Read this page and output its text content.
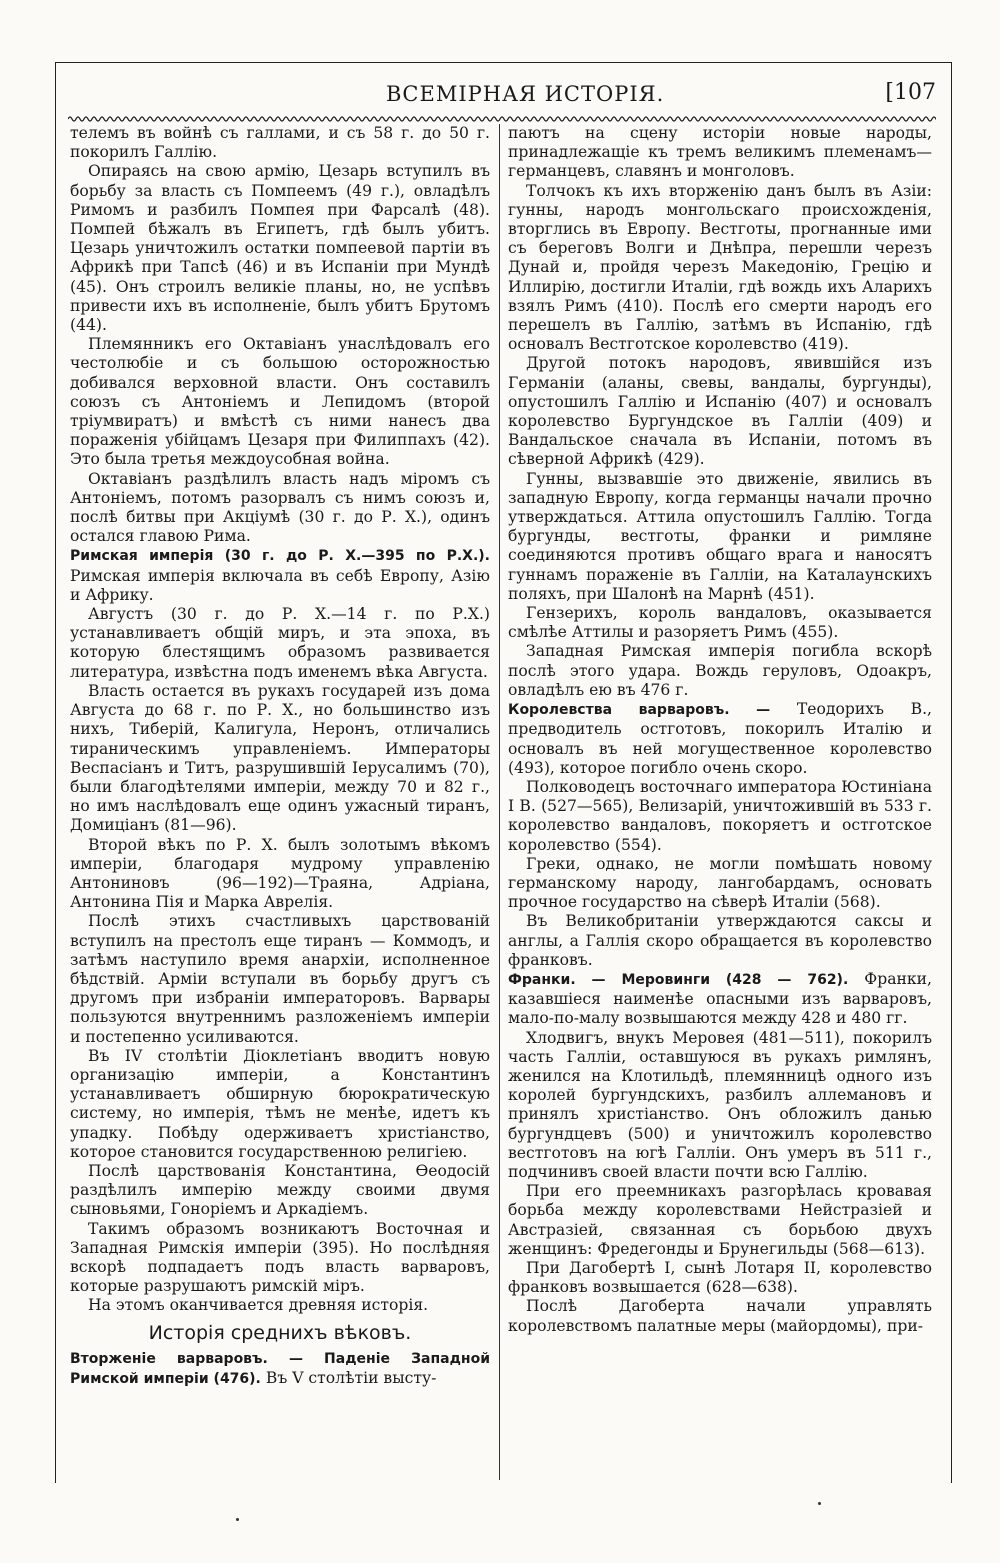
ВСЕМІРНАЯ ИСТОРІЯ.	[107

телемъ въ войнѣ съ галлами, и съ 58 г. до 50 г. покорилъ Галлію.

Опираясь на свою армію, Цезарь вступилъ въ борьбу за власть съ Помпеемъ (49 г.), овладѣлъ Римомъ и разбилъ Помпея при Фарсалѣ (48). Помпей бѣжалъ въ Египетъ, гдѣ былъ убитъ. Цезарь уничтожилъ остатки помпеевой партіи въ Африкѣ при Тапсѣ (46) и въ Испаніи при Мундѣ (45). Онъ строилъ великіе планы, но, не успѣвъ привести ихъ въ исполненіе, былъ убитъ Брутомъ (44).

Племянникъ его Октавіанъ унаслѣдовалъ его честолюбіе и съ большою осторожностью добивался верховной власти. Онъ составилъ союзъ съ Антоніемъ и Лепидомъ (второй тріумвиратъ) и вмѣстѣ съ ними нанесъ два пораженія убійцамъ Цезаря при Филиппахъ (42). Это была третья междоусобная война.

Октавіанъ раздѣлилъ власть надъ міромъ съ Антоніемъ, потомъ разорвалъ съ нимъ союзъ и, послѣ битвы при Акціумѣ (30 г. до Р. Х.), одинъ остался главою Рима.

Римская имперія (30 г. до Р. Х.—395 по Р.Х.). Римская имперія включала въ себѣ Европу, Азію и Африку.

Августъ (30 г. до Р. Х.—14 г. по Р.Х.) устанавливаетъ общій миръ, и эта эпоха, въ которую блестящимъ образомъ развивается литература, извѣстна подъ именемъ вѣка Августа.

Власть остается въ рукахъ государей изъ дома Августа до 68 г. по Р. Х., но большинство изъ нихъ, Тиберій, Калигула, Неронъ, отличались тираническимъ управленіемъ. Императоры Веспасіанъ и Титъ, разрушившій Іерусалимъ (70), были благодѣтелями имперіи, между 70 и 82 г., но имъ наслѣдовалъ еще одинъ ужасный тиранъ, Домиціанъ (81—96).

Второй вѣкъ по Р. Х. былъ золотымъ вѣкомъ имперіи, благодаря мудрому управленію Антониновъ (96—192)—Траяна, Адріана, Антонина Пія и Марка Аврелія.

Послѣ этихъ счастливыхъ царствованій вступилъ на престолъ еще тиранъ — Коммодъ, и затѣмъ наступило время анархіи, исполненное бѣдствій. Арміи вступали въ борьбу другъ съ другомъ при избраніи императоровъ. Варвары пользуются внутреннимъ разложеніемъ имперіи и постепенно усиливаются.

Въ IV столѣтіи Діоклетіанъ вводитъ новую организацію имперіи, а Константинъ устанавливаетъ обширную бюрократическую систему, но имперія, тѣмъ не менѣе, идетъ къ упадку. Побѣду одерживаетъ христіанство, которое становится государственною религіею.

Послѣ царствованія Константина, Ѳеодосій раздѣлилъ имперію между своими двумя сыновьями, Гоноріемъ и Аркадіемъ.

Такимъ образомъ возникаютъ Восточная и Западная Римскія имперіи (395). Но послѣдняя вскорѣ подпадаетъ подъ власть варваровъ, которые разрушаютъ римскій міръ.

На этомъ оканчивается древняя исторія.

Исторія среднихъ вѣковъ.

Вторженіе варваровъ. — Паденіе Западной Римской имперіи (476). Въ V столѣтіи высту-

паютъ на сцену исторіи новые народы, принадлежащіе къ тремъ великимъ племенамъ—германцевъ, славянъ и монголовъ.

Толчокъ къ ихъ вторженію данъ былъ въ Азіи: гунны, народъ монгольскаго происхожденія, вторглись въ Европу. Вестготы, прогнанные ими съ береговъ Волги и Днѣпра, перешли черезъ Дунай и, пройдя черезъ Македонію, Грецію и Иллирію, достигли Италіи, гдѣ вождь ихъ Аларихъ взялъ Римъ (410). Послѣ его смерти народъ его перешелъ въ Галлію, затѣмъ въ Испанію, гдѣ основалъ Вестготское королевство (419).

Другой потокъ народовъ, явившійся изъ Германіи (аланы, свевы, вандалы, бургунды), опустошилъ Галлію и Испанію (407) и основалъ королевство Бургундское въ Галліи (409) и Вандальское сначала въ Испаніи, потомъ въ сѣверной Африкѣ (429).

Гунны, вызвавшіе это движеніе, явились въ западную Европу, когда германцы начали прочно утверждаться. Аттила опустошилъ Галлію. Тогда бургунды, вестготы, франки и римляне соединяются противъ общаго врага и наносятъ гуннамъ пораженіе въ Галліи, на Каталаунскихъ поляхъ, при Шалонѣ на Марнѣ (451).

Гензерихъ, король вандаловъ, оказывается смѣлѣе Аттилы и разоряетъ Римъ (455).

Западная Римская имперія погибла вскорѣ послѣ этого удара. Вождь геруловъ, Одоакръ, овладѣлъ ею въ 476 г.

Королевства варваровъ. — Теодорихъ В., предводитель остготовъ, покорилъ Италію и основалъ въ ней могущественное королевство (493), которое погибло очень скоро.

Полководецъ восточнаго императора Юстиніана I В. (527—565), Велизарій, уничтожившій въ 533 г. королевство вандаловъ, покоряетъ и остготское королевство (554).

Греки, однако, не могли помѣшать новому германскому народу, лангобардамъ, основать прочное государство на сѣверѣ Италіи (568).

Въ Великобританіи утверждаются саксы и англы, а Галлія скоро обращается въ королевство франковъ.

Франки. — Меровинги (428 — 762). Франки, казавшіеся наименѣе опасными изъ варваровъ, мало-по-малу возвышаются между 428 и 480 гг.

Хлодвигъ, внукъ Меровея (481—511), покорилъ часть Галліи, оставшуюся въ рукахъ римлянъ, женился на Клотильдѣ, племянницѣ одного изъ королей бургундскихъ, разбилъ аллемановъ и принялъ христіанство. Онъ обложилъ данью бургундцевъ (500) и уничтожилъ королевство вестготовъ на югѣ Галліи. Онъ умеръ въ 511 г., подчинивъ своей власти почти всю Галлію.

При его преемникахъ разгорѣлась кровавая борьба между королевствами Нейстразіей и Австразіей, связанная съ борьбою двухъ женщинъ: Фредегонды и Брунегильды (568—613).

При Дагобертѣ I, сынѣ Лотаря II, королевство франковъ возвышается (628—638).

Послѣ Дагоберта начали управлять королевствомъ палатные меры (майордомы), при-
